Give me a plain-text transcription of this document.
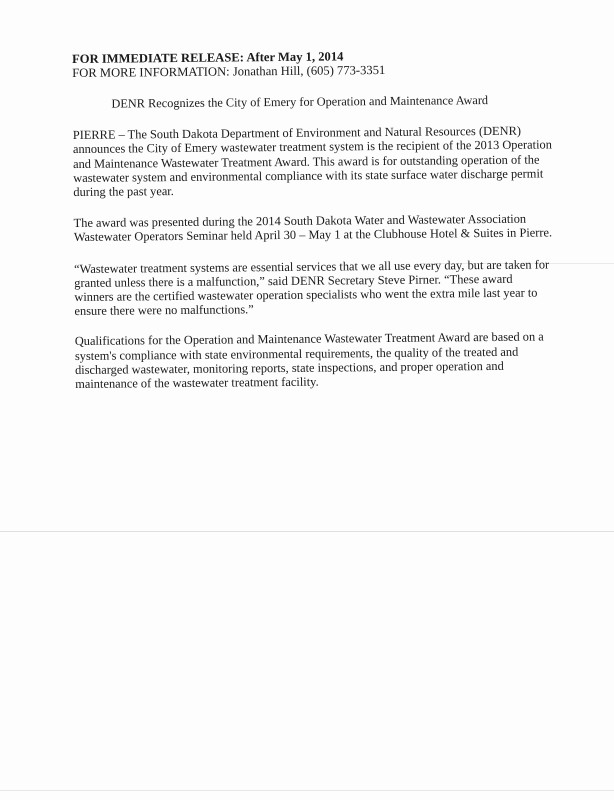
FOR IMMEDIATE RELEASE: After May 1, 2014
FOR MORE INFORMATION: Jonathan Hill, (605) 773-3351
DENR Recognizes the City of Emery for Operation and Maintenance Award

PIERRE – The South Dakota Department of Environment and Natural Resources (DENR)
announces the City of Emery wastewater treatment system is the recipient of the 2013 Operation
and Maintenance Wastewater Treatment Award. This award is for outstanding operation of the
wastewater system and environmental compliance with its state surface water discharge permit
during the past year.

The award was presented during the 2014 South Dakota Water and Wastewater Association
Wastewater Operators Seminar held April 30 – May 1 at the Clubhouse Hotel & Suites in Pierre.

“Wastewater treatment systems are essential services that we all use every day, but are taken for
granted unless there is a malfunction,” said DENR Secretary Steve Pirner. “These award
winners are the certified wastewater operation specialists who went the extra mile last year to
ensure there were no malfunctions.”

Qualifications for the Operation and Maintenance Wastewater Treatment Award are based on a
system's compliance with state environmental requirements, the quality of the treated and
discharged wastewater, monitoring reports, state inspections, and proper operation and
maintenance of the wastewater treatment facility.
